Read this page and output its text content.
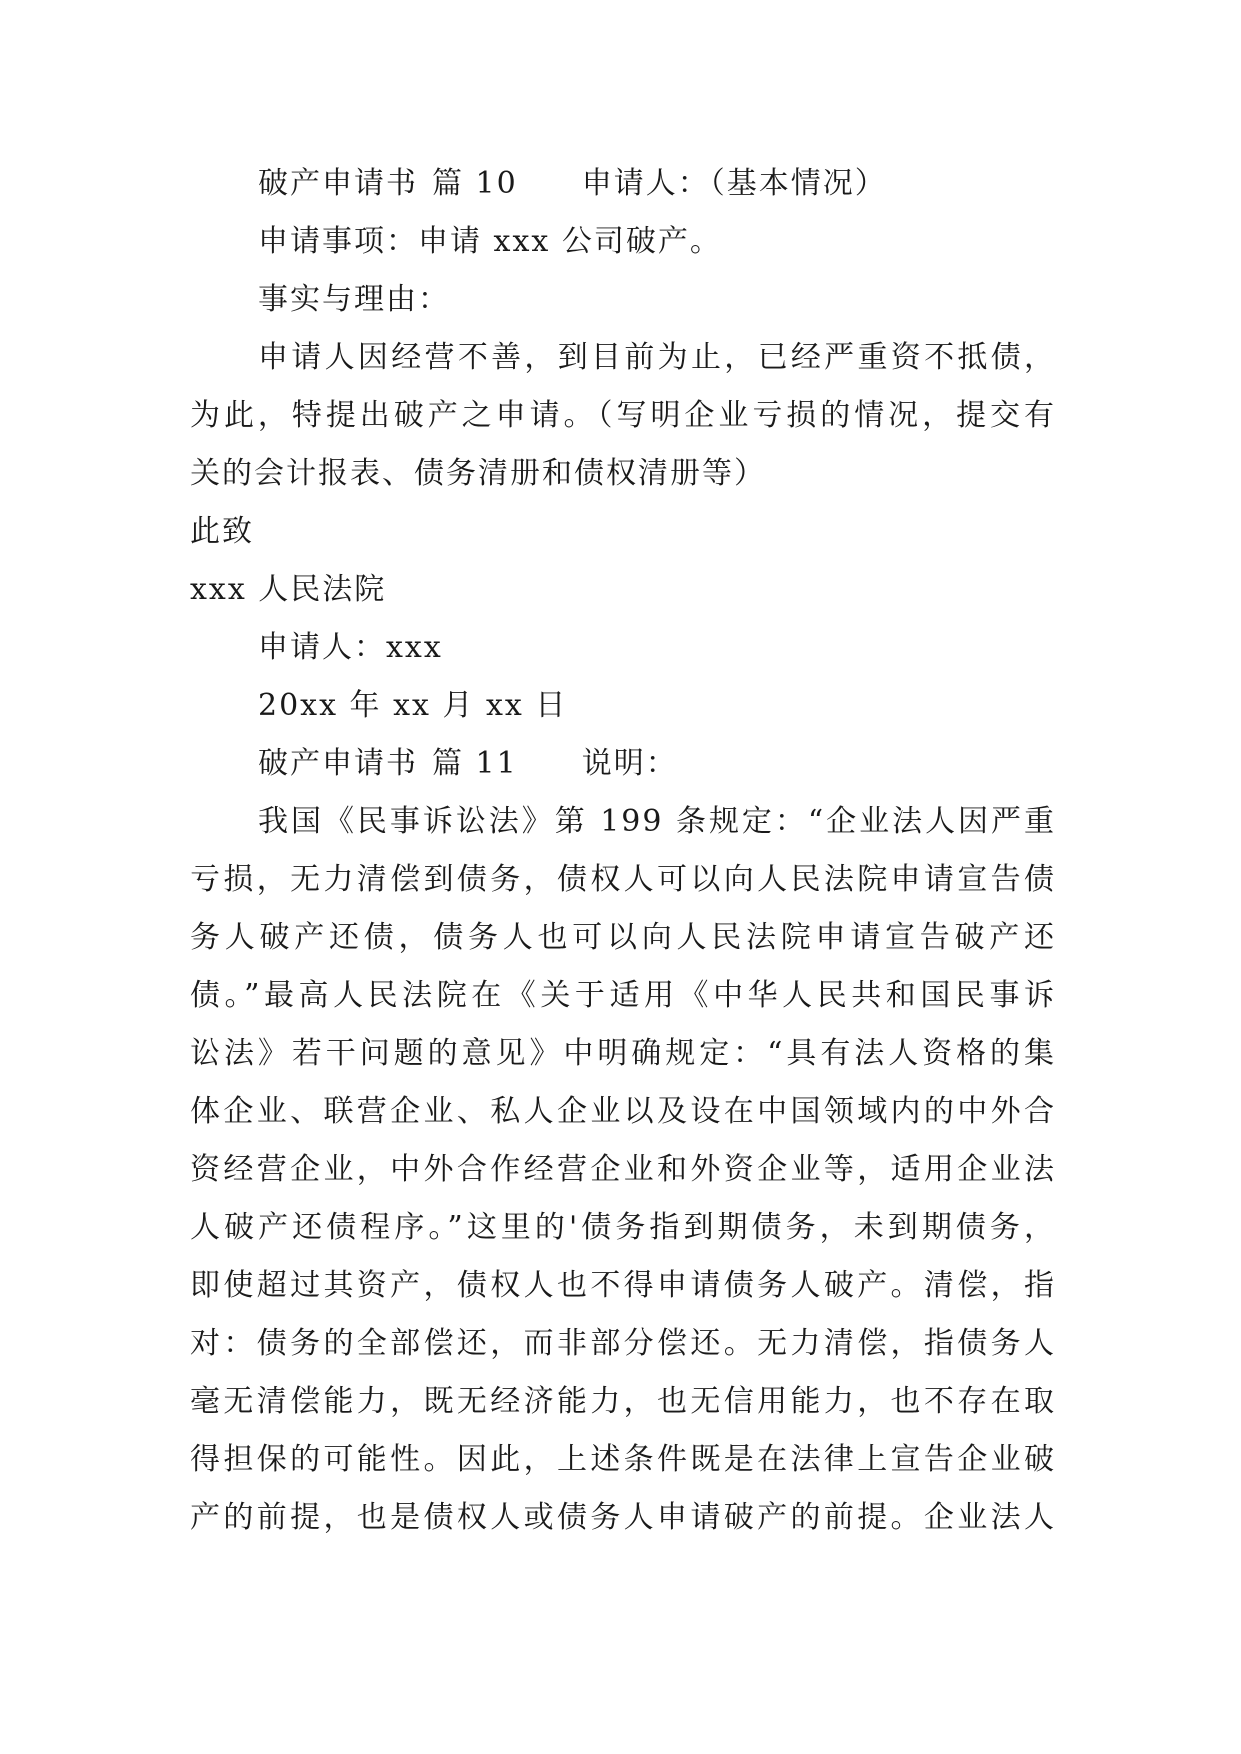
破产申请书 篇 10 申请人：（基本情况）
申请事项：申请 xxx 公司破产。
事实与理由：
申请人因经营不善，到目前为止，已经严重资不抵债，
为此，特提出破产之申请。（写明企业亏损的情况，提交有
关的会计报表、债务清册和债权清册等）
此致
xxx 人民法院
申请人：xxx
20xx 年 xx 月 xx 日
破产申请书 篇 11 说明：
我国《民事诉讼法》第 199 条规定：“企业法人因严重
亏损，无力清偿到债务，债权人可以向人民法院申请宣告债
务人破产还债，债务人也可以向人民法院申请宣告破产还
债。”最高人民法院在《关于适用《中华人民共和国民事诉
讼法》若干问题的意见》中明确规定：“具有法人资格的集
体企业、联营企业、私人企业以及设在中国领域内的中外合
资经营企业，中外合作经营企业和外资企业等，适用企业法
人破产还债程序。”这里的'债务指到期债务，未到期债务，
即使超过其资产，债权人也不得申请债务人破产。清偿，指
对：债务的全部偿还，而非部分偿还。无力清偿，指债务人
毫无清偿能力，既无经济能力，也无信用能力，也不存在取
得担保的可能性。因此，上述条件既是在法律上宣告企业破
产的前提，也是债权人或债务人申请破产的前提。企业法人
